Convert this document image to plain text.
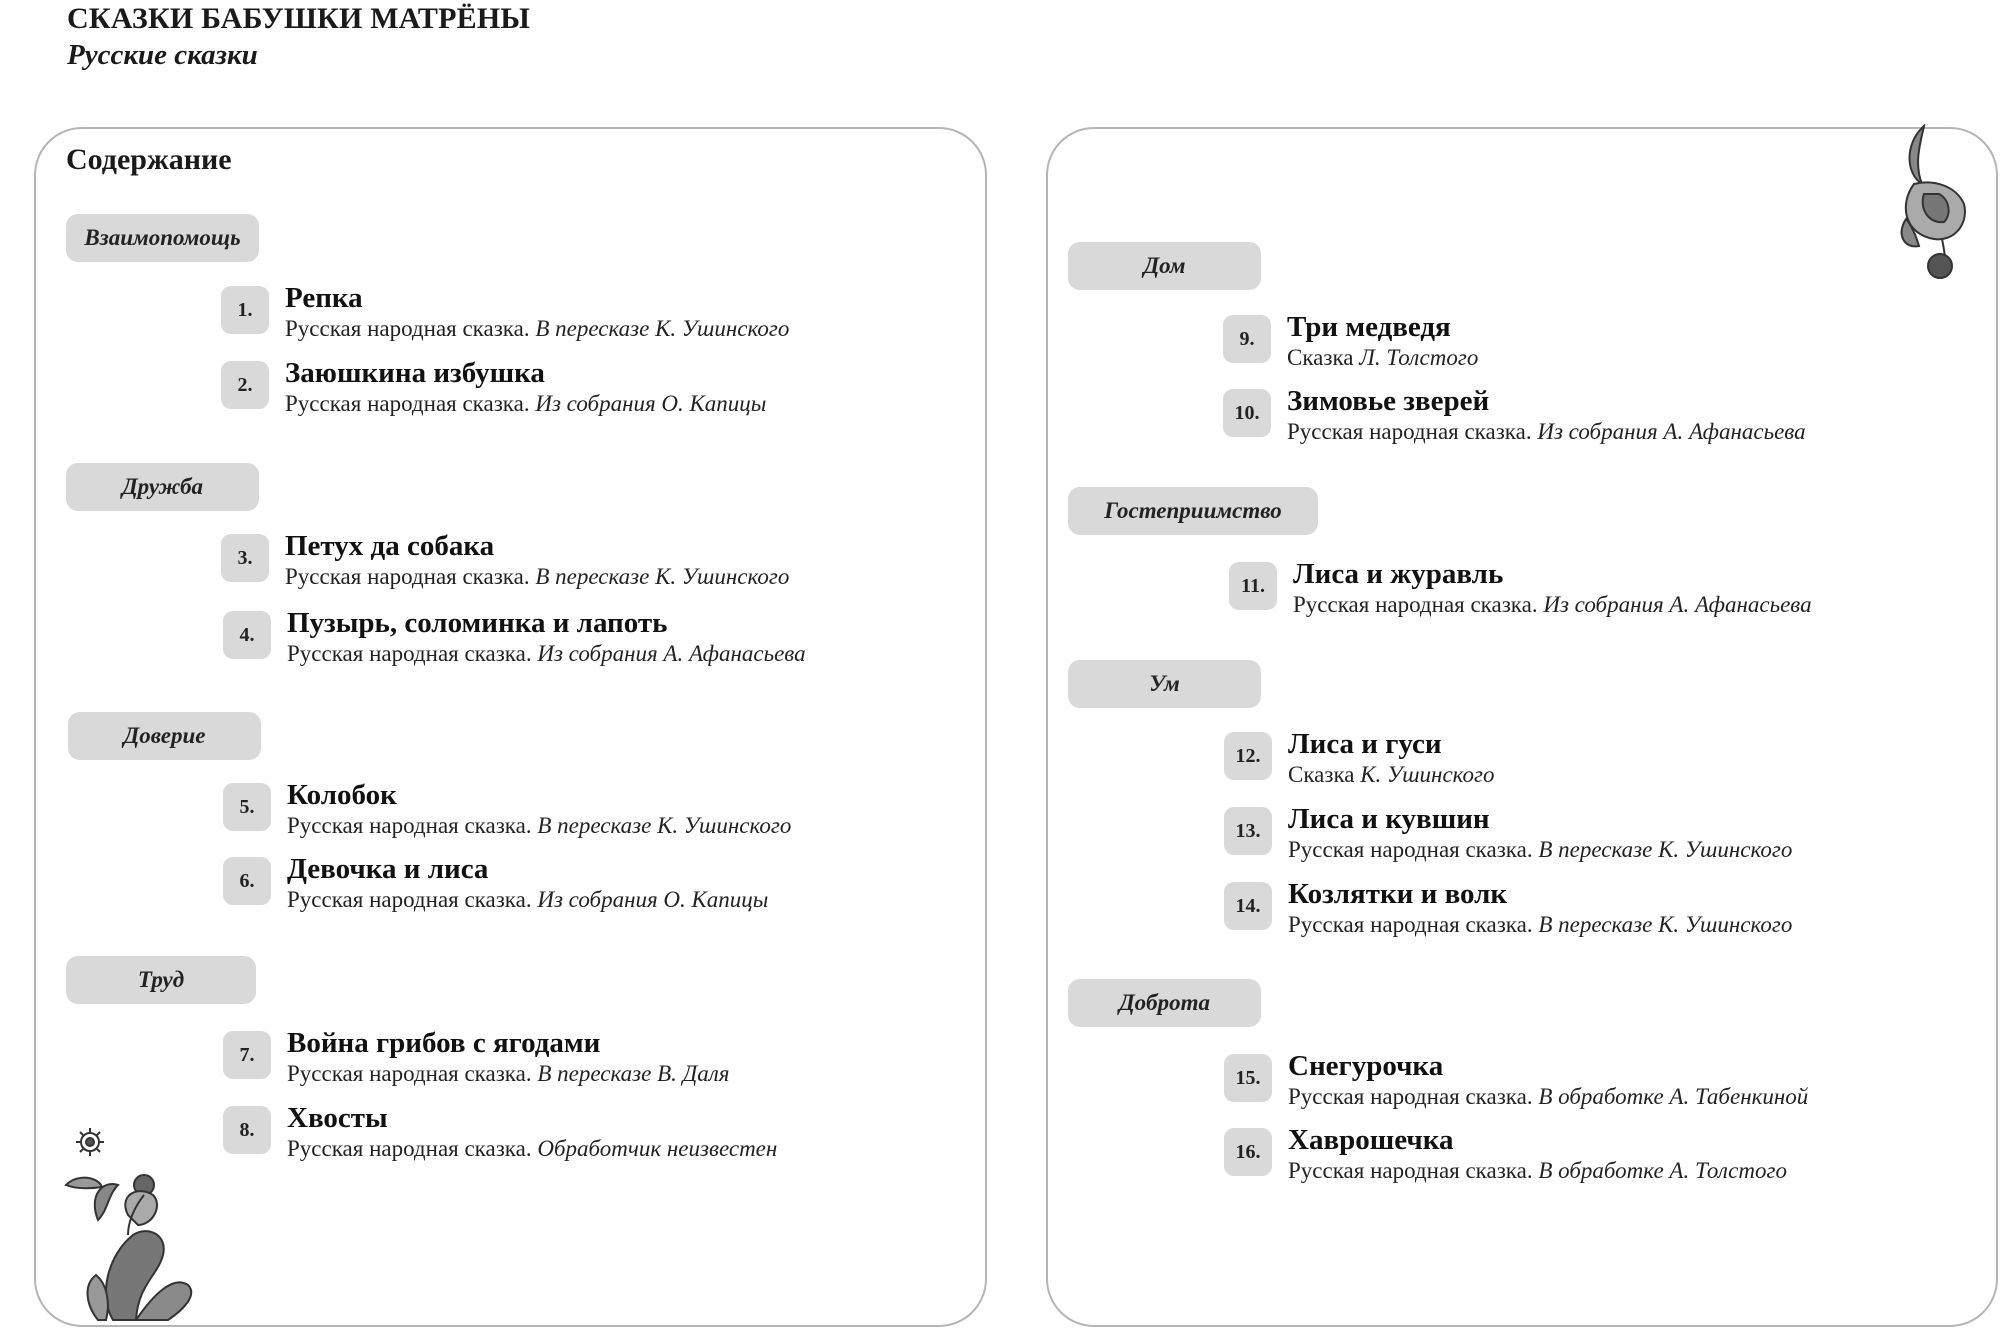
СКАЗКИ БАБУШКИ МАТРЁНЫ
Русские сказки
Содержание
Взаимопомощь
1.	Репка
Русская народная сказка. В пересказе К. Ушинского
2.	Заюшкина избушка
Русская народная сказка. Из собрания О. Капицы
Дружба
3.	Петух да собака
Русская народная сказка. В пересказе К. Ушинского
4.	Пузырь, соломинка и лапоть
Русская народная сказка. Из собрания А. Афанасьева
Доверие
5.	Колобок
Русская народная сказка. В пересказе К. Ушинского
6.	Девочка и лиса
Русская народная сказка. Из собрания О. Капицы
Труд
7.	Война грибов с ягодами
Русская народная сказка. В пересказе В. Даля
8.	Хвосты
Русская народная сказка. Обработчик неизвестен
Дом
9.	Три медведя
Сказка Л. Толстого
10. Зимовье зверей
Русская народная сказка. Из собрания А. Афанасьева
Гостеприимство
11. Лиса и журавль
Русская народная сказка. Из собрания А. Афанасьева
Ум
12. Лиса и гуси
Сказка К. Ушинского
13. Лиса и кувшин
Русская народная сказка. В пересказе К. Ушинского
14. Козлятки и волк
Русская народная сказка. В пересказе К. Ушинского
Доброта
15. Снегурочка
Русская народная сказка. В обработке А. Табенкиной
16. Хаврошечка
Русская народная сказка. В обработке А. Толстого
